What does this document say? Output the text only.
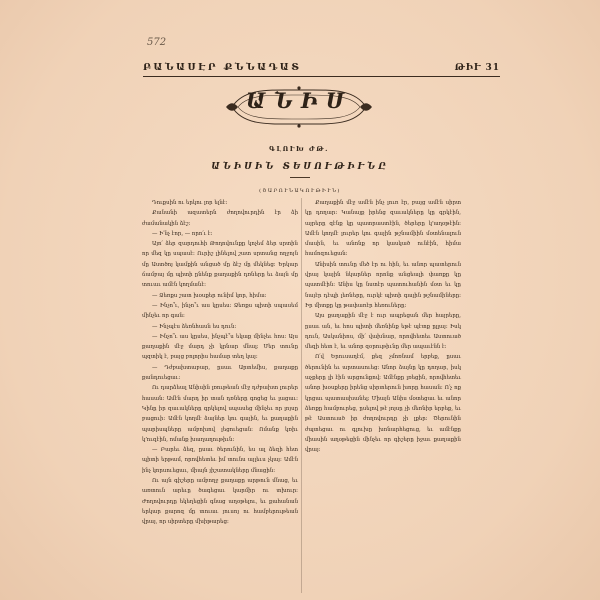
572
ԲԱՆԱՍԷՐ ՔՆՆԱԴԱՏ	ԹԻՒ 31
ԱՆԻՍ
ԳԼՈՒԽ ԺԹ.
ԱՆԻՍԻՆ ՏԵՍՈՒԹԻՒՆԸ
(ՇԱՐՈՒՆԱԿՈՒԹԻՒՆ)

Դուքսին ու երկու լոր ելնէ։

Քանանի ազատերն ժողովուրդին էր ձի ժամանակին ձէշ։

— Ի՛նչ էոր, — որո՛ւ է։

Այո՛ ձեր զարդուհի Թողովունքը կոչեմ ձեր սրտին որ մեզ կը սպասէ։ Ուրիշ լինելով շատ սրտանց ողջոյն մը Աստծոյ կամքին անցած մը ձէշ մը մեկնեց։ Երկար ճամբայ մը պիտի ընենք քաղաքին դռները եւ ձայն մը տուաւ ամէն կողմանէ։

— Ձեռքս շատ խօսքեր ունիմ կոր, հիմա։

— Ինչո՞ւ, ինչո՞ւ աս կըսես։ Ձեռքս պիտի սպասեմ մինչեւ որ գան։

— Ինչպէս ձեռնհասն ես դուն։

— Ինչո՞ւ աս կըսես, ինչպէ՞ս եկաք մինչեւ հոս։ Այս քաղաքին մէջ մարդ չի կրնար մնալ։ Մեր տունը պզտիկ է, բայց բոլորիս համար տեղ կայ։

— Դժբախտաբար, ըսաւ Արտեմիս, քաղաքը քանդուեցաւ։

Ու դարձեալ Անիսին լռութեան մէջ դժբախտ լուրեր հասան։ Ամէն մարդ իր տան դռները գոցեց եւ լացաւ։ Կինը իր զաւակները գրկելով սպասեց մինչեւ որ լոյսը բացուի։ Ամէն կողմէ ձայներ կու գային, եւ քաղաքին պարիսպները ամբոխով լեցուեցան։ Ոմանք կռիւ կ՚ուզէին, ոմանք խաղաղութիւն։

— Բարեւ ձեզ, ըսաւ ծերունին, ես ալ ձեզի հետ պիտի երթամ, որովհետեւ իմ տունս այլեւս չկայ։ Ամէն ինչ կորսուեցաւ, միայն յիշատակները մնացին։

Ու այն գիշերը ամբողջ քաղաքը արթուն մնաց, եւ առտուն արեւը ծագեցաւ կարմիր ու տխուր։ Ժողովուրդը եկեղեցին գնաց աղօթելու, եւ քահանան երկար քարոզ մը տուաւ յուսոյ ու համբերութեան վրայ, որ սիրտերը մխիթարեց։

Քաղաքին մէջ ամէն ինչ լուռ էր, բայց ամէն սիրտ կը դողար։ Կանայք իրենց զաւակները կը գրկէին, այրերը զէնք կը պատրաստէին, ծերերը կ՚աղօթէին։ Ամէն կողմէ լուրեր կու գային թշնամիին մօտենալուն մասին, եւ անոնք որ կասկած ունէին, հիմա համոզուեցան։

Անիսին տունը մեծ էր ու հին, եւ անոր պատերուն վրայ կային նկարներ որոնք անցեալի փառքը կը պատմէին։ Անիս կը նստէր պատուհանին մօտ եւ կը նայէր դէպի լեռները, ուրկէ պիտի գային թշնամիները։ Իր միտքը կը թափառէր հեռուները։

Այս քաղաքին մէջ է ուր ապրեցան մեր հայրերը, ըսաւ ան, եւ հոս պիտի մեռնինք եթէ պէտք ըլլայ։ Իսկ դուն, Ասկանիոս, մի՛ վախնար, որովհետեւ Աստուած մեզի հետ է, եւ անոր զօրութիւնը մեր ապաւէնն է։

Ո՛վ Երուսաղէմ, քեզ չմոռնամ երբեք, ըսաւ ծերունին եւ արտասուեց։ Անոր ձայնը կը դողար, իսկ աչքերը լի էին արցունքով։ Ամէնքը լռեցին, որովհետեւ անոր խօսքերը իրենց սիրտերուն խորը հասան։ Ո՛չ ոք կրցաւ պատասխանել։ Միայն Անիս մօտեցաւ եւ անոր ձեռքը համբուրեց, ըսելով թէ յոյսը չի մեռնիր երբեք, եւ թէ Աստուած իր ժողովուրդը չի լքեր։ Ծերունին ժպտեցաւ ու գլուխը խոնարհեցուց, եւ ամէնքը միասին աղօթեցին մինչեւ որ գիշերը իջաւ քաղաքին վրայ։
